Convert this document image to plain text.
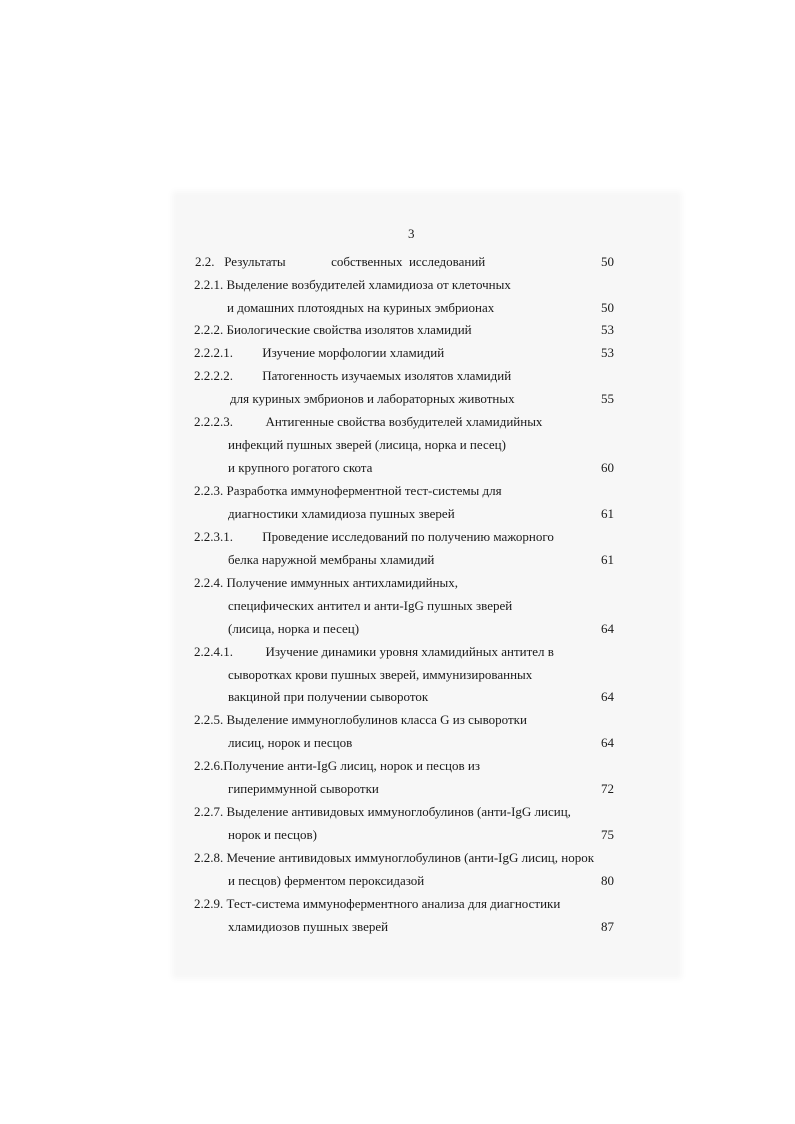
3
2.2.   Результаты              собственных  исследований	50
2.2.1. Выделение возбудителей хламидиоза от клеточных
и домашних плотоядных на куриных эмбрионах	50
2.2.2. Биологические свойства изолятов хламидий	53
2.2.2.1.         Изучение морфологии хламидий	53
2.2.2.2.         Патогенность изучаемых изолятов хламидий
для куриных эмбрионов и лабораторных животных	55
2.2.2.3.          Антигенные свойства возбудителей хламидийных
инфекций пушных зверей (лисица, норка и песец)
и крупного рогатого скота	60
2.2.3. Разработка иммуноферментной тест-системы для
диагностики хламидиоза пушных зверей	61
2.2.3.1.         Проведение исследований по получению мажорного
белка наружной мембраны хламидий	61
2.2.4. Получение иммунных антихламидийных,
специфических антител и анти-IgG пушных зверей
(лисица, норка и песец)	64
2.2.4.1.          Изучение динамики уровня хламидийных антител в
сыворотках крови пушных зверей, иммунизированных
вакциной при получении сывороток	64
2.2.5. Выделение иммуноглобулинов класса G из сыворотки
лисиц, норок и песцов	64
2.2.6.Получение анти-IgG лисиц, норок и песцов из
гипериммунной сыворотки	72
2.2.7. Выделение антивидовых иммуноглобулинов (анти-IgG лисиц,
норок и песцов)	75
2.2.8. Мечение антивидовых иммуноглобулинов (анти-IgG лисиц, норок
и песцов) ферментом пероксидазой	80
2.2.9. Тест-система иммуноферментного анализа для диагностики
хламидиозов пушных зверей	87
